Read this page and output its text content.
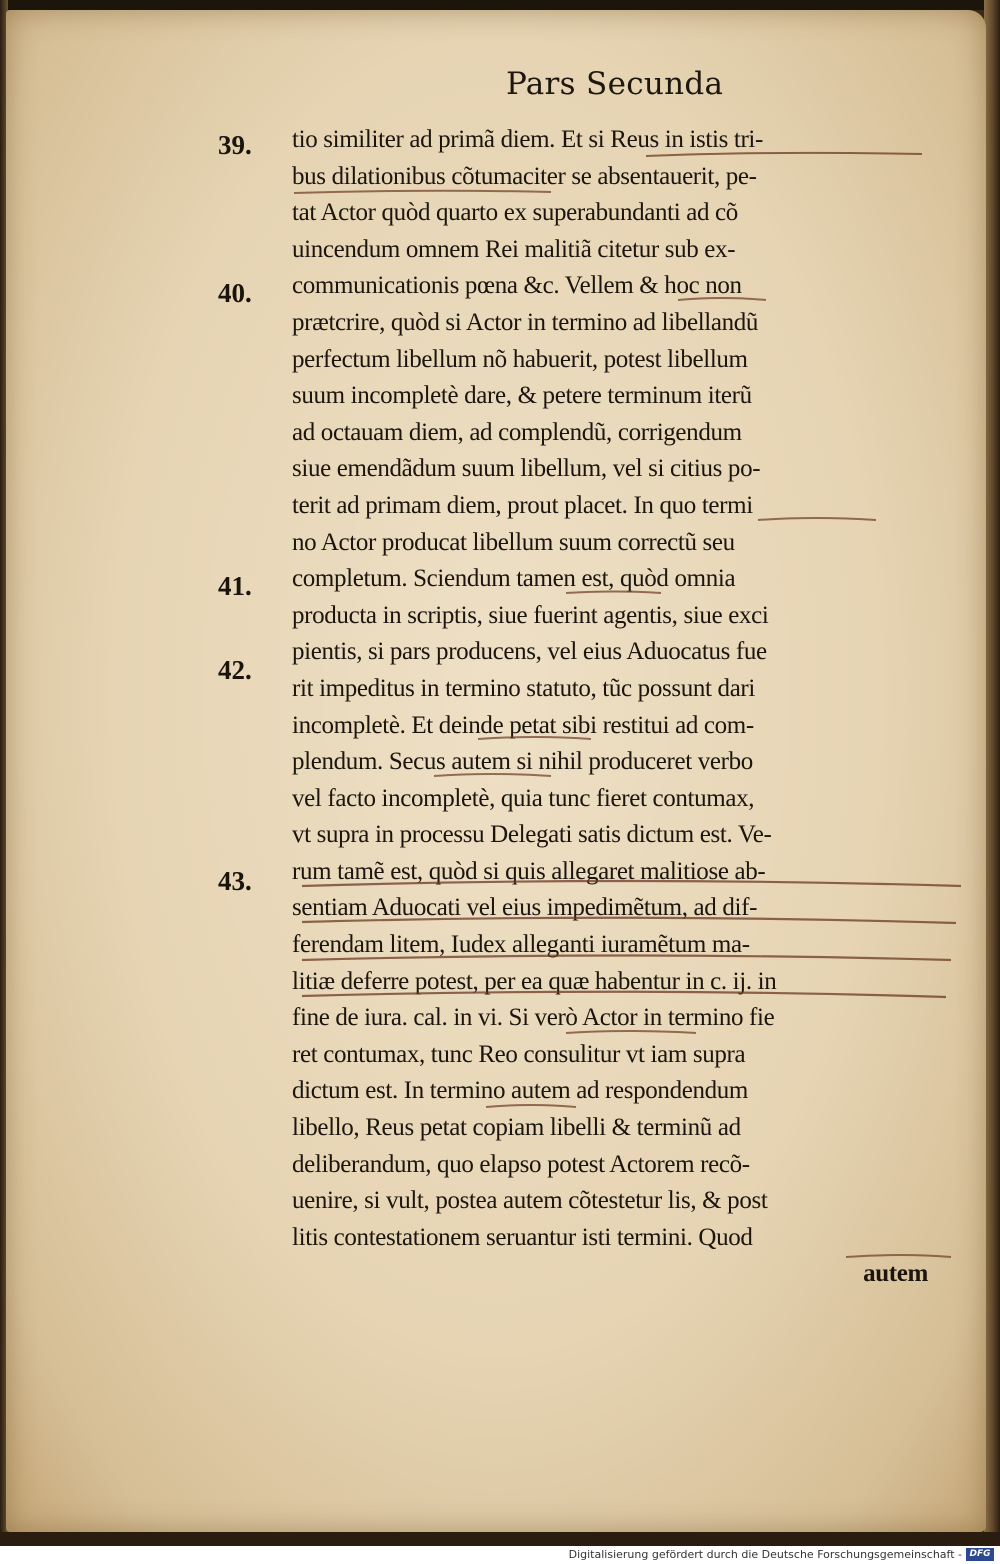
Pars Secunda
39.
40.
41.
42.
43.
tio similiter ad primã diem. Et si Reus in istis tri-
bus dilationibus cõtumaciter se absentauerit, pe-
tat Actor quòd quarto ex superabundanti ad cõ
uincendum omnem Rei malitiã citetur sub ex-
communicationis pœna &c. Vellem & hoc non
prætcrire, quòd si Actor in termino ad libellandũ
perfectum libellum nõ habuerit, potest libellum
suum incompletè dare, & petere terminum iterũ
ad octauam diem, ad complendũ, corrigendum
siue emendãdum suum libellum, vel si citius po-
terit ad primam diem, prout placet. In quo termi
no Actor producat libellum suum correctũ seu
completum. Sciendum tamen est, quòd omnia
producta in scriptis, siue fuerint agentis, siue exci
pientis, si pars producens, vel eius Aduocatus fue
rit impeditus in termino statuto, tũc possunt dari
incompletè. Et deinde petat sibi restitui ad com-
plendum. Secus autem si nihil produceret verbo
vel facto incompletè, quia tunc fieret contumax,
vt supra in processu Delegati satis dictum est. Ve-
rum tamẽ est, quòd si quis allegaret malitiose ab-
sentiam Aduocati vel eius impedimẽtum, ad dif-
ferendam litem, Iudex alleganti iuramẽtum ma-
litiæ deferre potest, per ea quæ habentur in c. ij. in
fine de iura. cal. in vi. Si verò Actor in termino fie
ret contumax, tunc Reo consulitur vt iam supra
dictum est. In termino autem ad respondendum
libello, Reus petat copiam libelli & terminũ ad
deliberandum, quo elapso potest Actorem recõ-
uenire, si vult, postea autem cõtestetur lis, & post
litis contestationem seruantur isti termini. Quod
autem
Digitalisierung gefördert durch die Deutsche Forschungsgemeinschaft - DFG
